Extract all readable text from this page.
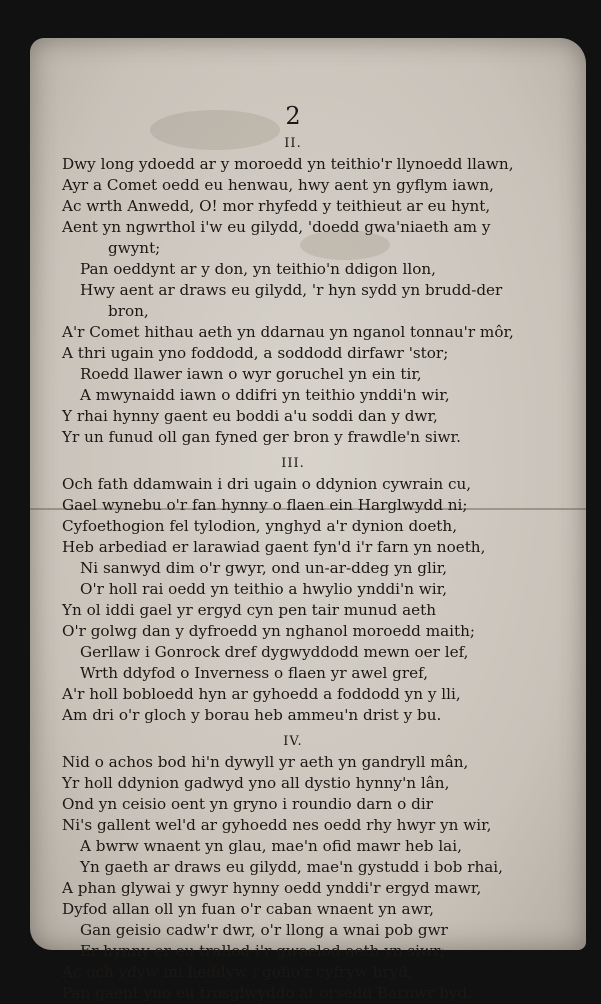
2
II.

Dwy long ydoedd ar y moroedd yn teithio'r llynoedd llawn,

Ayr a Comet oedd eu henwau, hwy aent yn gyflym iawn,

Ac wrth Anwedd, O! mor rhyfedd y teithieut ar eu hynt,

Aent yn ngwrthol i'w eu gilydd, 'doedd gwa'niaeth am y

gwynt;

Pan oeddynt ar y don, yn teithio'n ddigon llon,

Hwy aent ar draws eu gilydd, 'r hyn sydd yn brudd-der

bron,

A'r Comet hithau aeth yn ddarnau yn nganol tonnau'r môr,

A thri ugain yno foddodd, a soddodd dirfawr 'stor;

Roedd llawer iawn o wyr goruchel yn ein tir,

A mwynaidd iawn o ddifri yn teithio ynddi'n wir,

Y rhai hynny gaent eu boddi a'u soddi dan y dwr,

Yr un funud oll gan fyned ger bron y frawdle'n siwr.

III.

Och fath ddamwain i dri ugain o ddynion cywrain cu,

Gael wynebu o'r fan hynny o flaen ein Harglwydd ni;

Cyfoethogion fel tylodion, ynghyd a'r dynion doeth,

Heb arbediad er larawiad gaent fyn'd i'r farn yn noeth,

Ni sanwyd dim o'r gwyr, ond un-ar-ddeg yn glir,

O'r holl rai oedd yn teithio a hwylio ynddi'n wir,

Yn ol iddi gael yr ergyd cyn pen tair munud aeth

O'r golwg dan y dyfroedd yn nghanol moroedd maith;

Gerllaw i Gonrock dref dygwyddodd mewn oer lef,

Wrth ddyfod o Inverness o flaen yr awel gref,

A'r holl bobloedd hyn ar gyhoedd a foddodd yn y lli,

Am dri o'r gloch y borau heb ammeu'n drist y bu.

IV.

Nid o achos bod hi'n dywyll yr aeth yn gandryll mân,

Yr holl ddynion gadwyd yno all dystio hynny'n lân,

Ond yn ceisio oent yn gryno i roundio darn o dir

Ni's gallent wel'd ar gyhoedd nes oedd rhy hwyr yn wir,

A bwrw wnaent yn glau, mae'n ofid mawr heb lai,

Yn gaeth ar draws eu gilydd, mae'n gystudd i bob rhai,

A phan glywai y gwyr hynny oedd ynddi'r ergyd mawr,

Dyfod allan oll yn fuan o'r caban wnaent yn awr,

Gan geisio cadw'r dwr, o'r llong a wnai pob gwr

Er hynny er eu trallod i'r gwaelod aeth yn siwr;

Ac och ydyw ini heddyw i gofio'r cyfryw bryd,

Pan gaent yno eu trosglwyddo at orsedd Barnwr byd.
